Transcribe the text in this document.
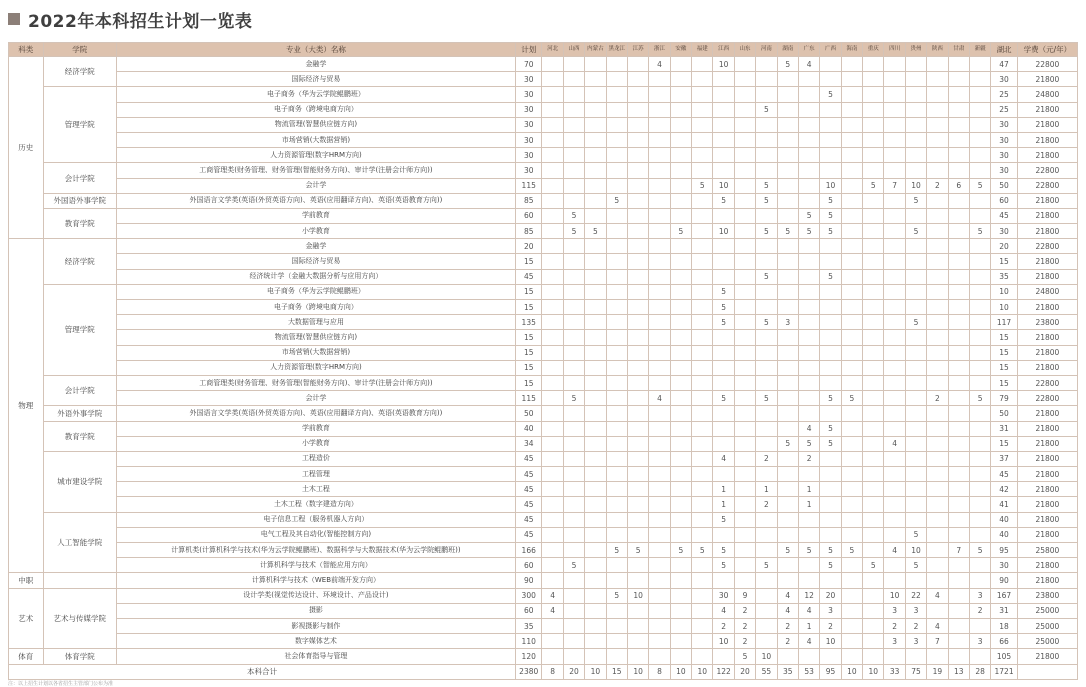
2022年本科招生计划一览表
科类	学院	专业（大类）名称	计划	河北	山西	内蒙古	黑龙江	江苏	浙江	安徽	福建	江西	山东	河南	湖南	广东	广西	海南	重庆	四川	贵州	陕西	甘肃	新疆	湖北	学费（元/年）
历史	经济学院	金融学	70						4			10			5	4									47	22800
		国际经济与贸易	30																						30	21800
	管理学院	电子商务（华为云学院鲲鹏班）	30														5								25	24800
		电子商务（跨境电商方向）	30											5											25	21800
		物流管理(智慧供应链方向)	30																						30	21800
		市场营销(大数据营销)	30																						30	21800
		人力资源管理(数字HRM方向)	30																						30	21800
	会计学院	工商管理类(财务管理、财务管理(智能财务方向)、审计学(注册会计师方向))	30																						30	22800
		会计学	115								5	10		5			10		5	7	10	2	6	5	50	22800
	外国语外事学院	外国语言文学类(英语(外贸英语方向)、英语(应用翻译方向)、英语(英语教育方向))	85				5					5		5			5				5				60	21800
	教育学院	学前教育	60		5											5	5								45	21800
		小学教育	85		5	5				5		10		5	5	5	5				5			5	30	21800
物理	经济学院	金融学	20																						20	22800
		国际经济与贸易	15																						15	21800
		经济统计学（金融大数据分析与应用方向）	45											5			5								35	21800
	管理学院	电子商务（华为云学院鲲鹏班）	15									5													10	24800
		电子商务（跨境电商方向）	15									5													10	21800
		大数据管理与应用	135									5		5	3						5				117	23800
		物流管理(智慧供应链方向)	15																						15	21800
		市场营销(大数据营销)	15																						15	21800
		人力资源管理(数字HRM方向)	15																						15	21800
	会计学院	工商管理类(财务管理、财务管理(智能财务方向)、审计学(注册会计师方向))	15																						15	22800
		会计学	115		5				4			5		5			5	5				2		5	79	22800
	外语外事学院	外国语言文学类(英语(外贸英语方向)、英语(应用翻译方向)、英语(英语教育方向))	50																						50	21800
	教育学院	学前教育	40													4	5								31	21800
		小学教育	34												5	5	5			4					15	21800
	城市建设学院	工程造价	45									4		2		2									37	21800
		工程管理	45																						45	21800
		土木工程	45									1		1		1									42	21800
		土木工程（数字建造方向）	45									1		2		1									41	21800
	人工智能学院	电子信息工程（服务机器人方向）	45									5													40	21800
		电气工程及其自动化(智能控制方向)	45																		5				40	21800
		计算机类(计算机科学与技术(华为云学院鲲鹏班)、数据科学与大数据技术(华为云学院鲲鹏班))	166				5	5		5	5	5			5	5	5	5		4	10		7	5	95	25800
		计算机科学与技术（智能应用方向）	60		5							5		5			5		5		5				30	21800
中职		计算机科学与技术（WEB前端开发方向）	90																						90	21800
艺术	艺术与传媒学院	设计学类(视觉传达设计、环境设计、产品设计)	300	4			5	10				30	9		4	12	20			10	22	4		3	167	23800
		摄影	60	4								4	2		4	4	3			3	3			2	31	25000
		影视摄影与制作	35									2	2		2	1	2			2	2	4			18	25000
		数字媒体艺术	110									10	2		2	4	10			3	3	7		3	66	25000
体育	体育学院	社会体育指导与管理	120										5	10											105	21800
本科合计			2380	8	20	10	15	10	8	10	10	122	20	55	35	53	95	10	10	33	75	19	13	28	1721	
注：以上招生计划以各省招生主管部门公布为准
